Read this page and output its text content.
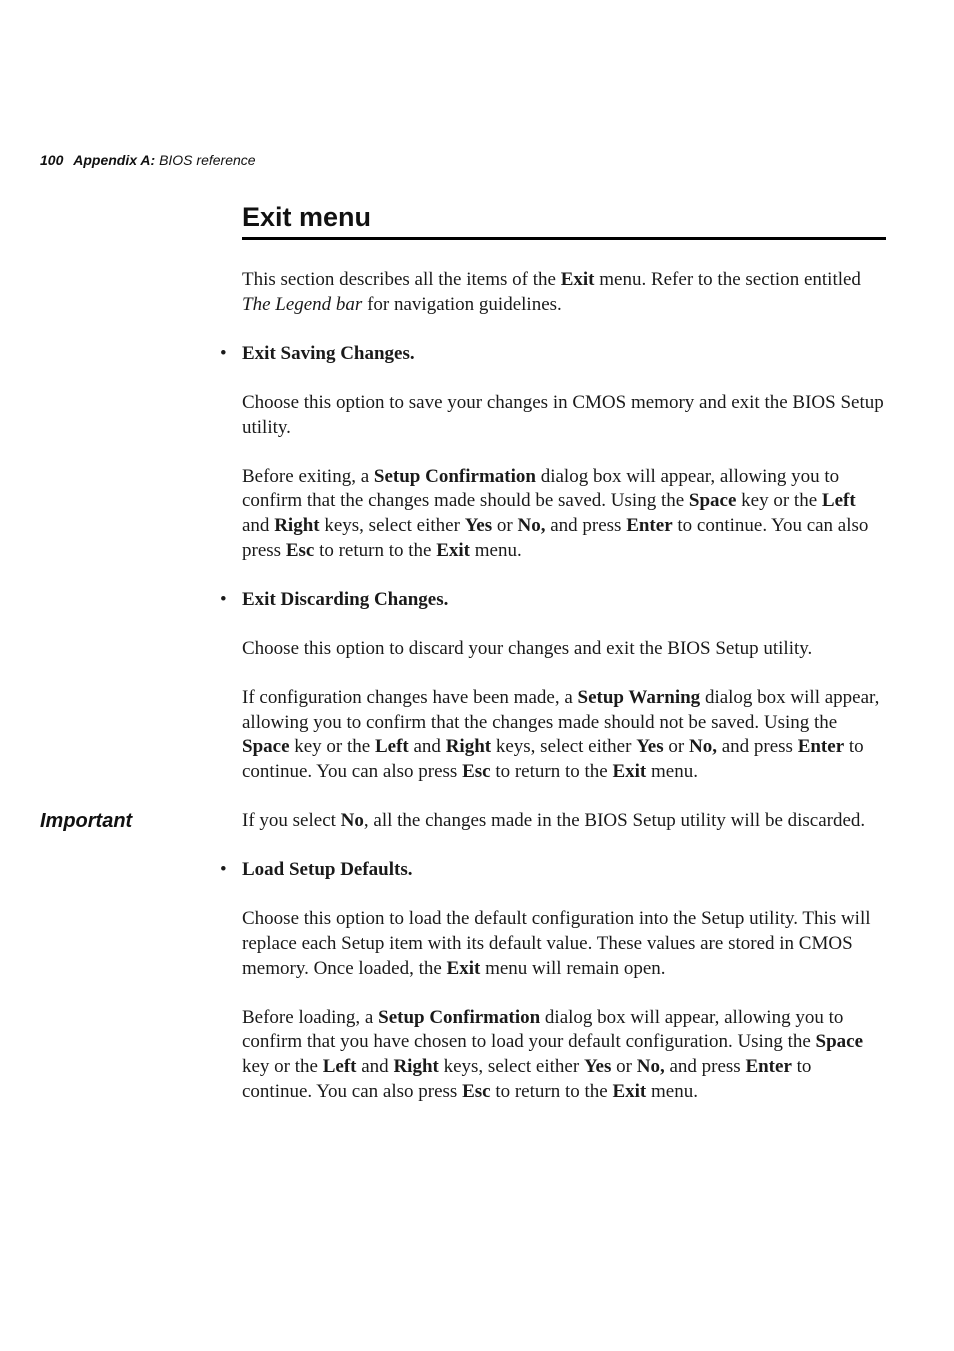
100 Appendix A: BIOS reference
Exit menu
Important

This section describes all the items of the Exit menu. Refer to the section entitled The Legend bar for navigation guidelines.

• Exit Saving Changes.

Choose this option to save your changes in CMOS memory and exit the BIOS Setup utility.

Before exiting, a Setup Confirmation dialog box will appear, allowing you to confirm that the changes made should be saved. Using the Space key or the Left and Right keys, select either Yes or No, and press Enter to continue. You can also press Esc to return to the Exit menu.

• Exit Discarding Changes.

Choose this option to discard your changes and exit the BIOS Setup utility.

If configuration changes have been made, a Setup Warning dialog box will appear, allowing you to confirm that the changes made should not be saved. Using the Space key or the Left and Right keys, select either Yes or No, and press Enter to continue. You can also press Esc to return to the Exit menu.

If you select No, all the changes made in the BIOS Setup utility will be discarded.

• Load Setup Defaults.

Choose this option to load the default configuration into the Setup utility. This will replace each Setup item with its default value. These values are stored in CMOS memory. Once loaded, the Exit menu will remain open.

Before loading, a Setup Confirmation dialog box will appear, allowing you to confirm that you have chosen to load your default configuration. Using the Space key or the Left and Right keys, select either Yes or No, and press Enter to continue. You can also press Esc to return to the Exit menu.
